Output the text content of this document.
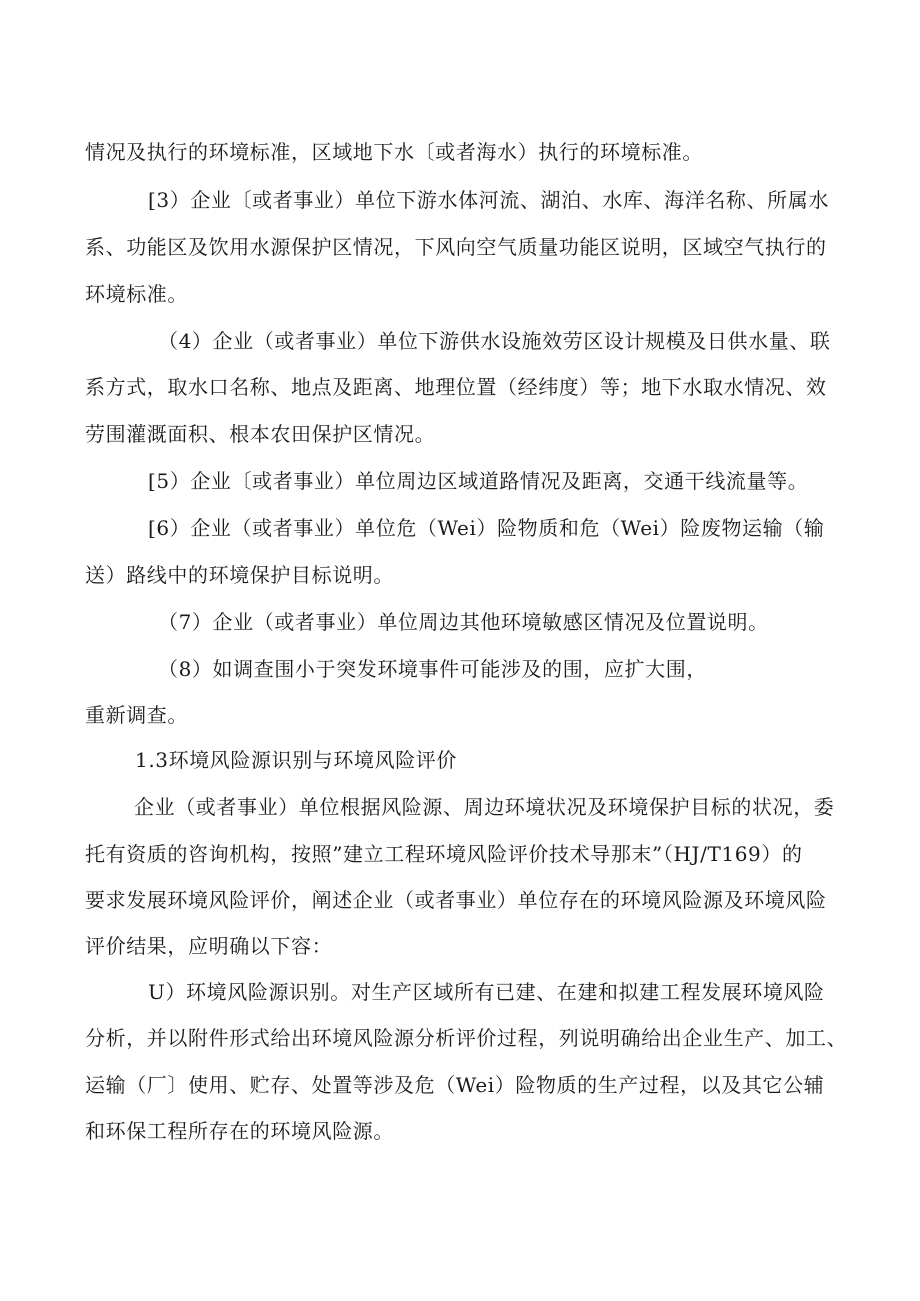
情况及执行的环境标准，区域地下水〔或者海水）执行的环境标准。
[3）企业〔或者事业）单位下游水体河流、湖泊、水库、海洋名称、所属水
系、功能区及饮用水源保护区情况，下风向空气质量功能区说明，区域空气执行的
环境标准。
（4）企业（或者事业）单位下游供水设施效劳区设计规模及日供水量、联
系方式，取水口名称、地点及距离、地理位置（经纬度）等；地下水取水情况、效
劳围灌溉面积、根本农田保护区情况。
[5）企业〔或者事业）单位周边区域道路情况及距离，交通干线流量等。
[6）企业（或者事业）单位危（Wei）险物质和危（Wei）险废物运输（输
送）路线中的环境保护目标说明。
（7）企业（或者事业）单位周边其他环境敏感区情况及位置说明。
（8）如调查围小于突发环境事件可能涉及的围，应扩大围，
重新调查。
1.3环境风险源识别与环境风险评价
企业（或者事业）单位根据风险源、周边环境状况及环境保护目标的状况，委
托有资质的咨询机构，按照”建立工程环境风险评价技术导那末”（HJ/T169）的
要求发展环境风险评价，阐述企业（或者事业）单位存在的环境风险源及环境风险
评价结果，应明确以下容：
U）环境风险源识别。对生产区域所有已建、在建和拟建工程发展环境风险
分析，并以附件形式给出环境风险源分析评价过程，列说明确给出企业生产、加工、
运输（厂〕使用、贮存、处置等涉及危（Wei）险物质的生产过程，以及其它公辅
和环保工程所存在的环境风险源。
